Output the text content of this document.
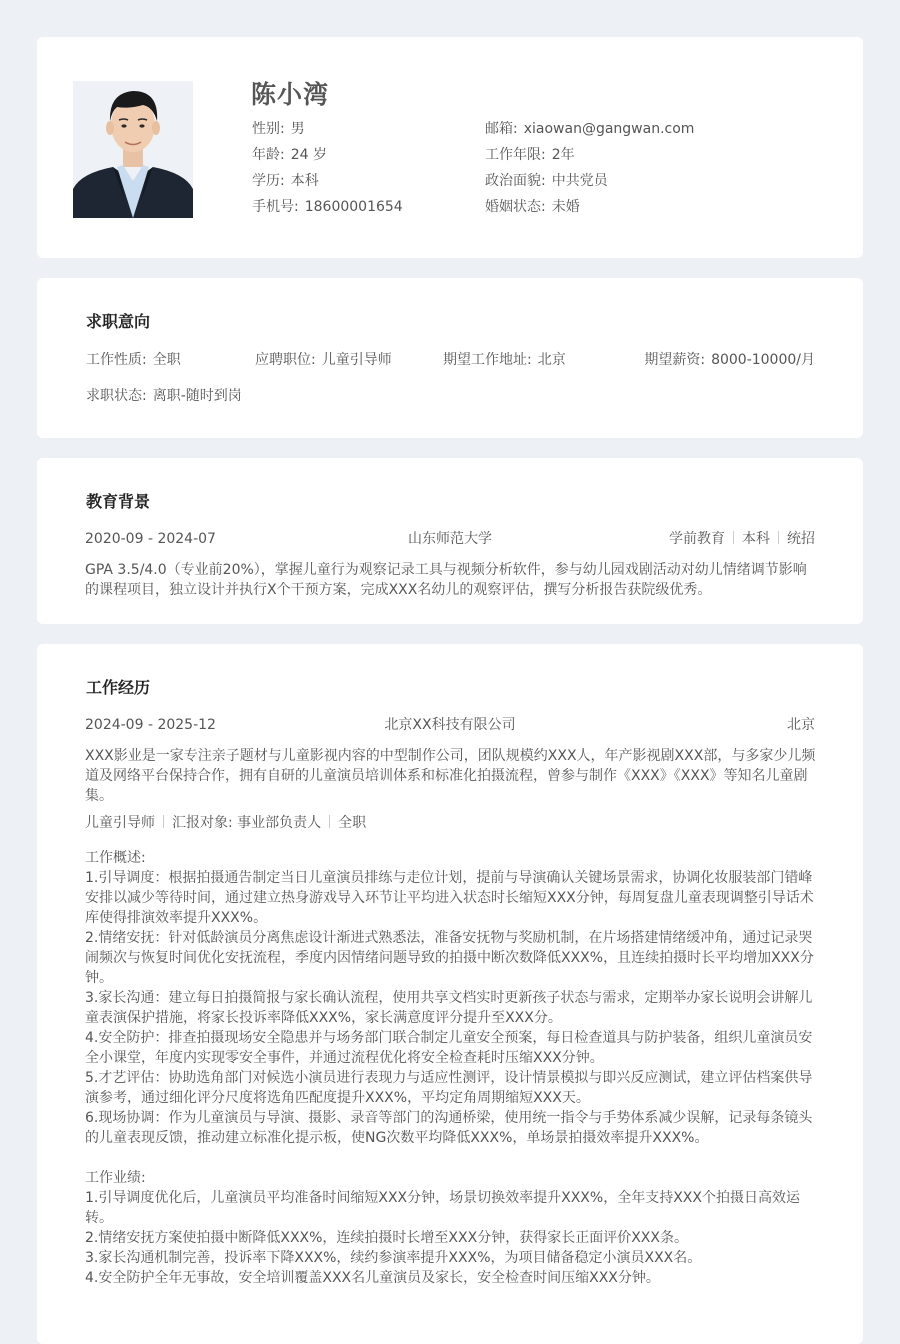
陈小湾
性别: 男	邮箱: xiaowan@gangwan.com
年龄: 24 岁	工作年限: 2年
学历: 本科	政治面貌: 中共党员
手机号: 18600001654	婚姻状态: 未婚
求职意向
工作性质: 全职	应聘职位: 儿童引导师	期望工作地址: 北京	期望薪资: 8000-10000/月
求职状态: 离职-随时到岗
教育背景
2020-09 - 2024-07	山东师范大学	学前教育 本科 统招
GPA 3.5/4.0（专业前20%），掌握儿童行为观察记录工具与视频分析软件，参与幼儿园戏剧活动对幼儿情绪调节影响的课程项目，独立设计并执行X个干预方案，完成XXX名幼儿的观察评估，撰写分析报告获院级优秀。
工作经历
2024-09 - 2025-12	北京XX科技有限公司	北京
XXX影业是一家专注亲子题材与儿童影视内容的中型制作公司，团队规模约XXX人，年产影视剧XXX部，与多家少儿频道及网络平台保持合作，拥有自研的儿童演员培训体系和标准化拍摄流程，曾参与制作《XXX》《XXX》等知名儿童剧集。
儿童引导师 汇报对象: 事业部负责人 全职
工作概述:
1.引导调度：根据拍摄通告制定当日儿童演员排练与走位计划，提前与导演确认关键场景需求，协调化妆服装部门错峰安排以减少等待时间，通过建立热身游戏导入环节让平均进入状态时长缩短XXX分钟，每周复盘儿童表现调整引导话术库使得排演效率提升XXX%。
2.情绪安抚：针对低龄演员分离焦虑设计渐进式熟悉法，准备安抚物与奖励机制，在片场搭建情绪缓冲角，通过记录哭闹频次与恢复时间优化安抚流程，季度内因情绪问题导致的拍摄中断次数降低XXX%，且连续拍摄时长平均增加XXX分钟。
3.家长沟通：建立每日拍摄简报与家长确认流程，使用共享文档实时更新孩子状态与需求，定期举办家长说明会讲解儿童表演保护措施，将家长投诉率降低XXX%，家长满意度评分提升至XXX分。
4.安全防护：排查拍摄现场安全隐患并与场务部门联合制定儿童安全预案，每日检查道具与防护装备，组织儿童演员安全小课堂，年度内实现零安全事件，并通过流程优化将安全检查耗时压缩XXX分钟。
5.才艺评估：协助选角部门对候选小演员进行表现力与适应性测评，设计情景模拟与即兴反应测试，建立评估档案供导演参考，通过细化评分尺度将选角匹配度提升XXX%，平均定角周期缩短XXX天。
6.现场协调：作为儿童演员与导演、摄影、录音等部门的沟通桥梁，使用统一指令与手势体系减少误解，记录每条镜头的儿童表现反馈，推动建立标准化提示板，使NG次数平均降低XXX%，单场景拍摄效率提升XXX%。
工作业绩:
1.引导调度优化后，儿童演员平均准备时间缩短XXX分钟，场景切换效率提升XXX%，全年支持XXX个拍摄日高效运转。
2.情绪安抚方案使拍摄中断降低XXX%，连续拍摄时长增至XXX分钟，获得家长正面评价XXX条。
3.家长沟通机制完善，投诉率下降XXX%，续约参演率提升XXX%，为项目储备稳定小演员XXX名。
4.安全防护全年无事故，安全培训覆盖XXX名儿童演员及家长，安全检查时间压缩XXX分钟。
